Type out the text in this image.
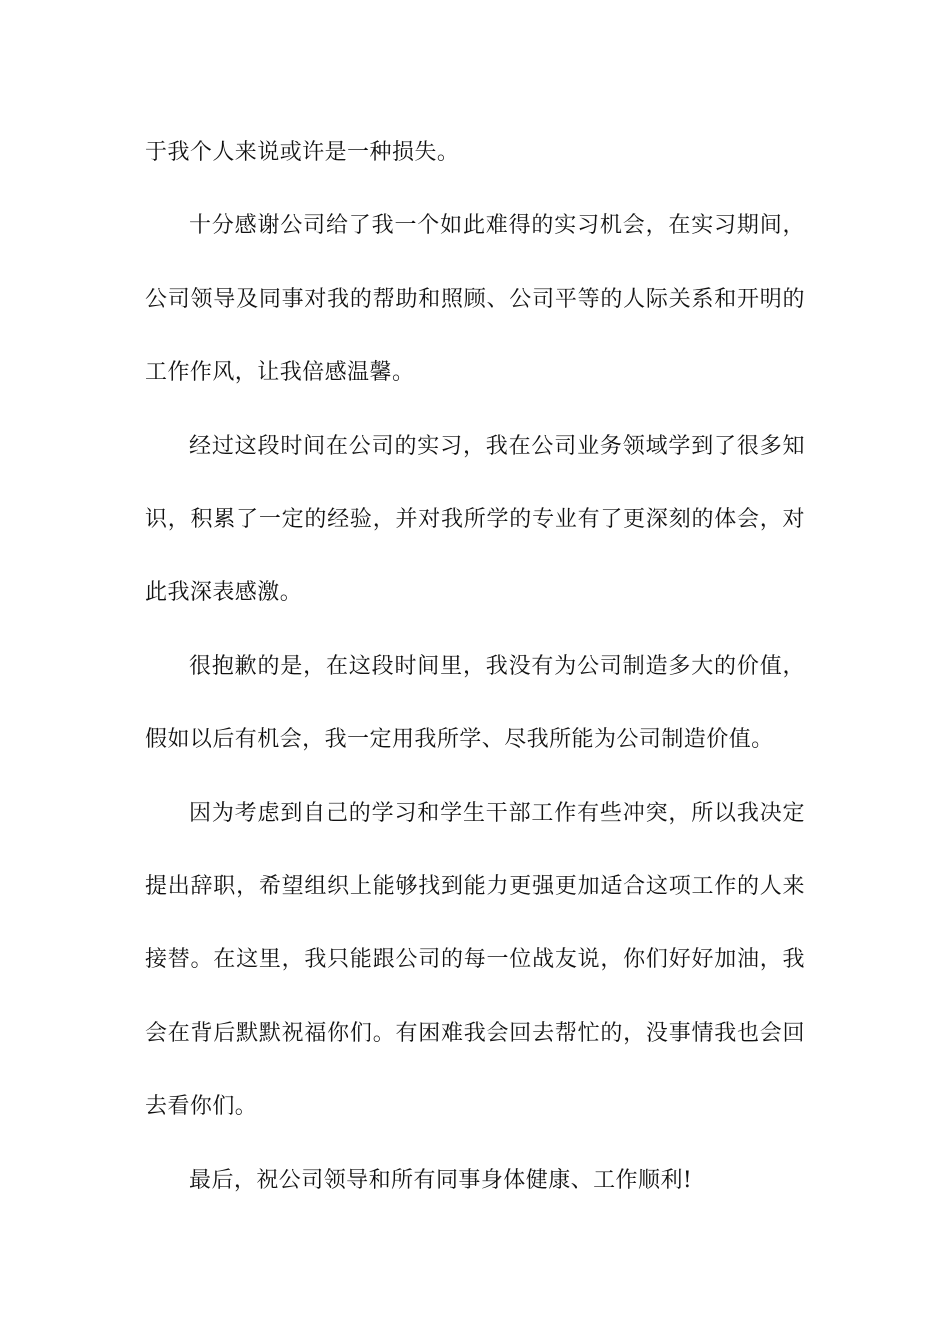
于我个人来说或许是一种损失。

十分感谢公司给了我一个如此难得的实习机会，在实习期间，公司领导及同事对我的帮助和照顾、公司平等的人际关系和开明的工作作风，让我倍感温馨。

经过这段时间在公司的实习，我在公司业务领域学到了很多知识，积累了一定的经验，并对我所学的专业有了更深刻的体会，对此我深表感激。

很抱歉的是，在这段时间里，我没有为公司制造多大的价值，假如以后有机会，我一定用我所学、尽我所能为公司制造价值。

因为考虑到自己的学习和学生干部工作有些冲突，所以我决定提出辞职，希望组织上能够找到能力更强更加适合这项工作的人来接替。在这里，我只能跟公司的每一位战友说，你们好好加油，我会在背后默默祝福你们。有困难我会回去帮忙的，没事情我也会回去看你们。

最后，祝公司领导和所有同事身体健康、工作顺利!
